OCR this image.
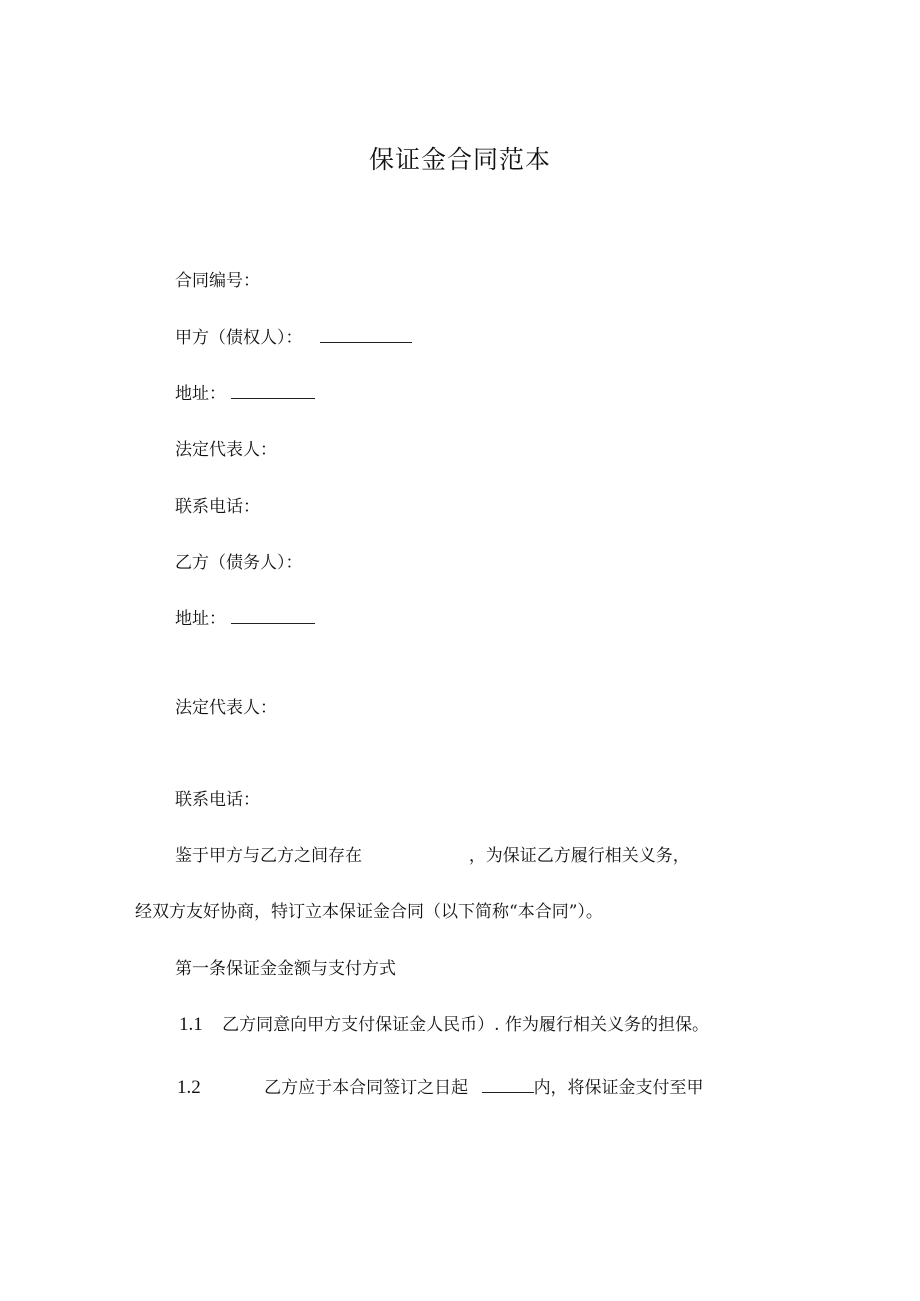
保证金合同范本
合同编号：
甲方（债权人）：
地址：
法定代表人：
联系电话：
乙方（债务人）：
地址：
法定代表人：
联系电话：
鉴于甲方与乙方之间存在	，为保证乙方履行相关义务，
经双方友好协商，特订立本保证金合同（以下简称“本合同”）。
第一条保证金金额与支付方式
1.1 乙方同意向甲方支付保证金人民币）. 作为履行相关义务的担保。
1.2	乙方应于本合同签订之日起	内，将保证金支付至甲
